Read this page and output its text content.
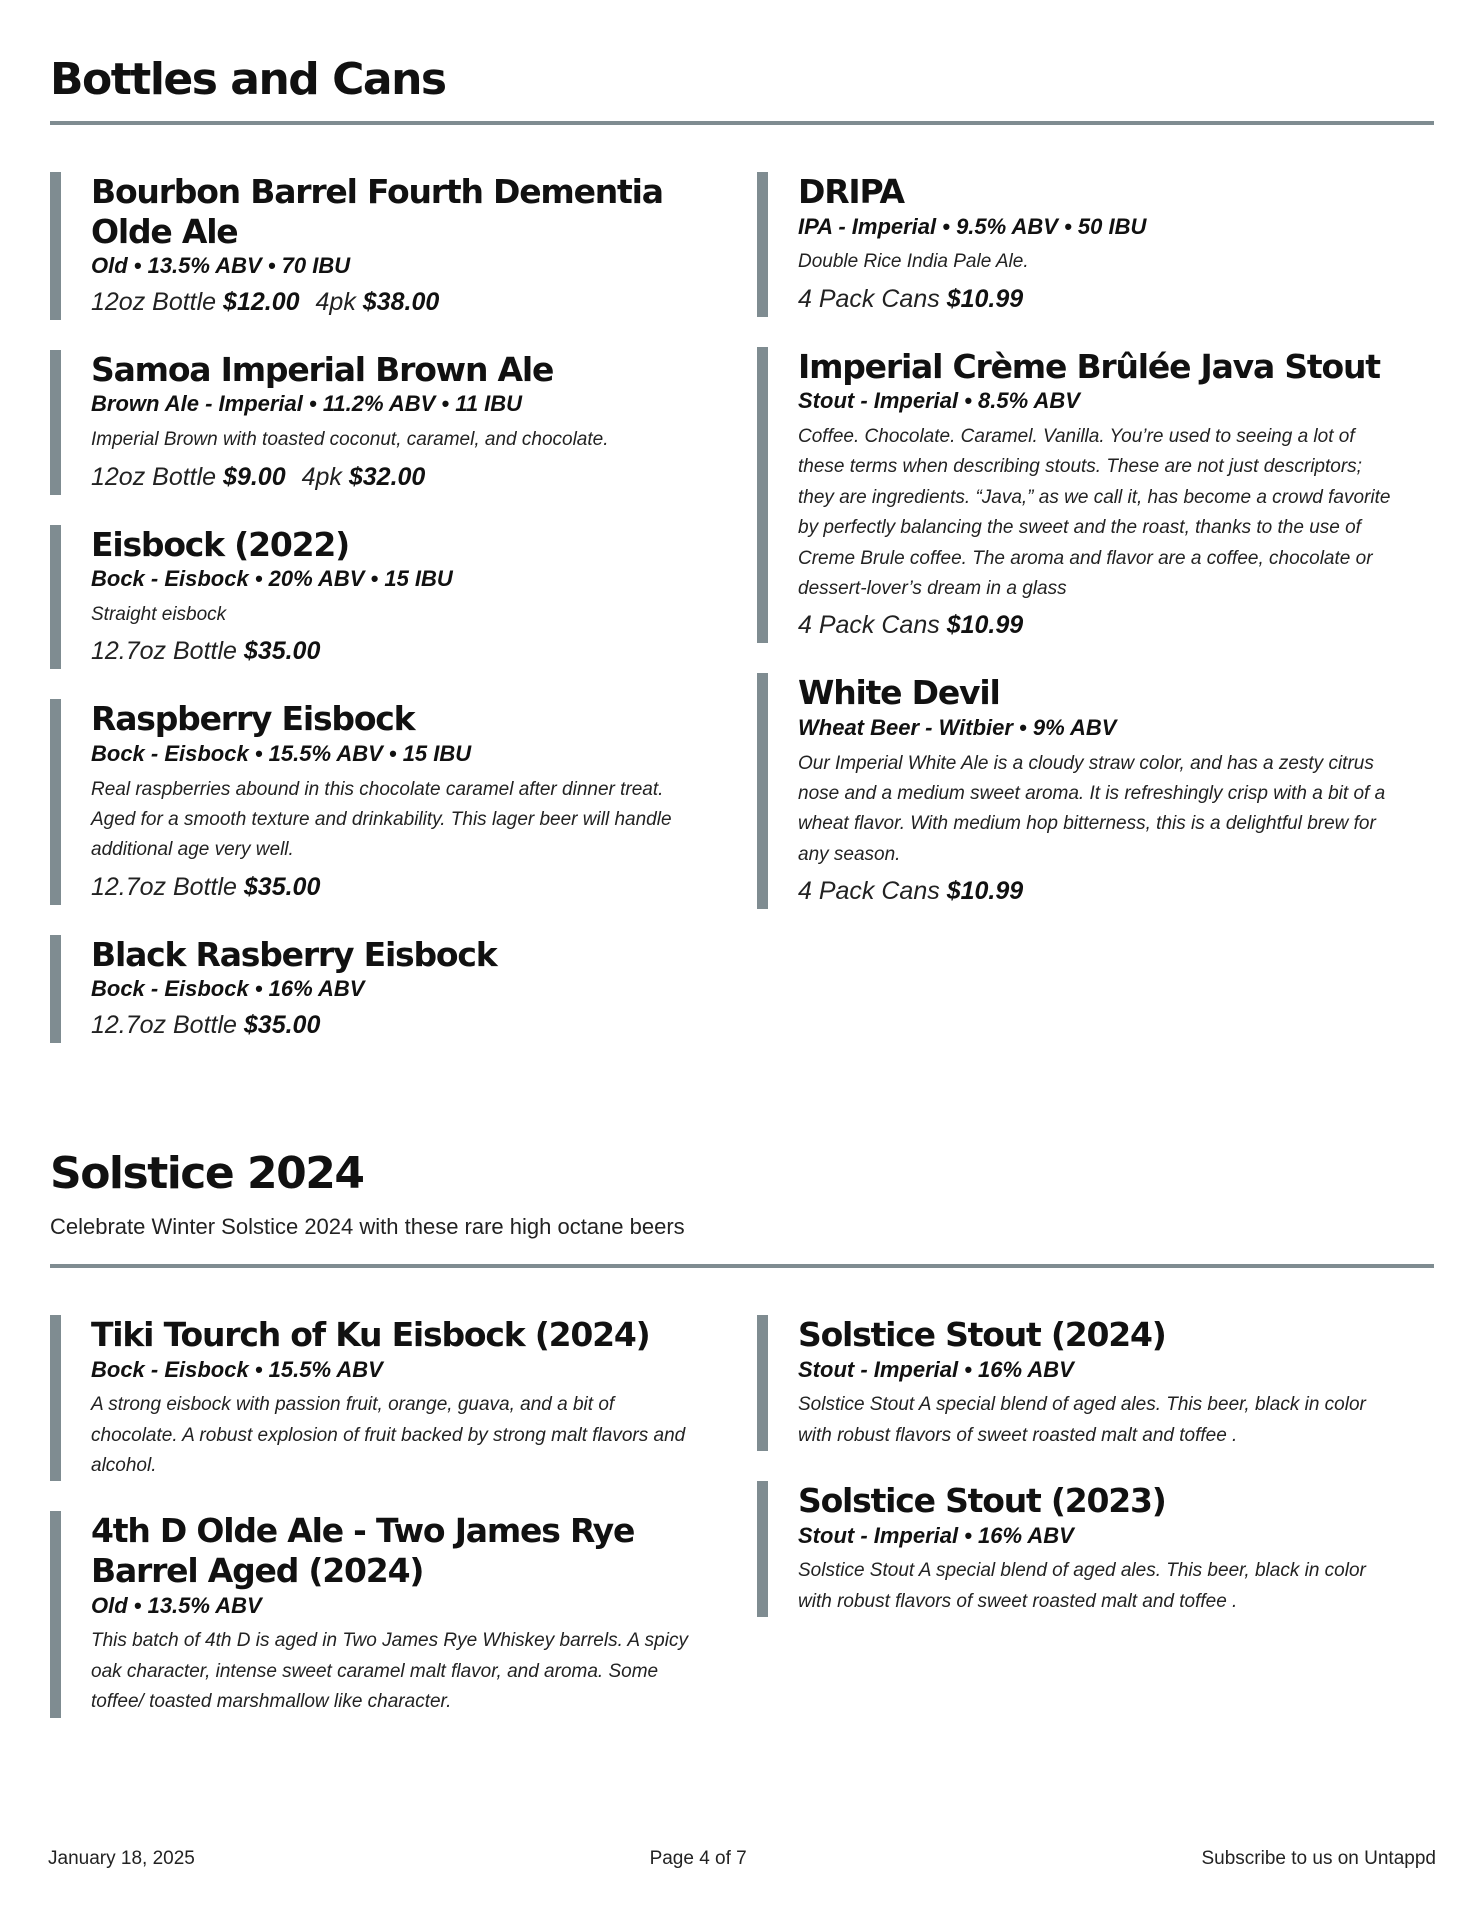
Bottles and Cans
Bourbon Barrel Fourth Dementia Olde Ale
Old • 13.5% ABV • 70 IBU
12oz Bottle $12.00 4pk $38.00
Samoa Imperial Brown Ale
Brown Ale - Imperial • 11.2% ABV • 11 IBU
Imperial Brown with toasted coconut, caramel, and chocolate.
12oz Bottle $9.00 4pk $32.00
Eisbock (2022)
Bock - Eisbock • 20% ABV • 15 IBU
Straight eisbock
12.7oz Bottle $35.00
Raspberry Eisbock
Bock - Eisbock • 15.5% ABV • 15 IBU
Real raspberries abound in this chocolate caramel after dinner treat. Aged for a smooth texture and drinkability. This lager beer will handle additional age very well.
12.7oz Bottle $35.00
Black Rasberry Eisbock
Bock - Eisbock • 16% ABV
12.7oz Bottle $35.00
DRIPA
IPA - Imperial • 9.5% ABV • 50 IBU
Double Rice India Pale Ale.
4 Pack Cans $10.99
Imperial Crème Brûlée Java Stout
Stout - Imperial • 8.5% ABV
Coffee. Chocolate. Caramel. Vanilla. You’re used to seeing a lot of these terms when describing stouts. These are not just descriptors; they are ingredients. “Java,” as we call it, has become a crowd favorite by perfectly balancing the sweet and the roast, thanks to the use of Creme Brule coffee. The aroma and flavor are a coffee, chocolate or dessert-lover’s dream in a glass
4 Pack Cans $10.99
White Devil
Wheat Beer - Witbier • 9% ABV
Our Imperial White Ale is a cloudy straw color, and has a zesty citrus nose and a medium sweet aroma. It is refreshingly crisp with a bit of a wheat flavor. With medium hop bitterness, this is a delightful brew for any season.
4 Pack Cans $10.99
Solstice 2024
Celebrate Winter Solstice 2024 with these rare high octane beers
Tiki Tourch of Ku Eisbock (2024)
Bock - Eisbock • 15.5% ABV
A strong eisbock with passion fruit, orange, guava, and a bit of chocolate. A robust explosion of fruit backed by strong malt flavors and alcohol.
4th D Olde Ale - Two James Rye Barrel Aged (2024)
Old • 13.5% ABV
This batch of 4th D is aged in Two James Rye Whiskey barrels. A spicy oak character, intense sweet caramel malt flavor, and aroma. Some toffee/ toasted marshmallow like character.
Solstice Stout (2024)
Stout - Imperial • 16% ABV
Solstice Stout A special blend of aged ales. This beer, black in color with robust flavors of sweet roasted malt and toffee .
Solstice Stout (2023)
Stout - Imperial • 16% ABV
Solstice Stout A special blend of aged ales. This beer, black in color with robust flavors of sweet roasted malt and toffee .
January 18, 2025	Page 4 of 7	Subscribe to us on Untappd
